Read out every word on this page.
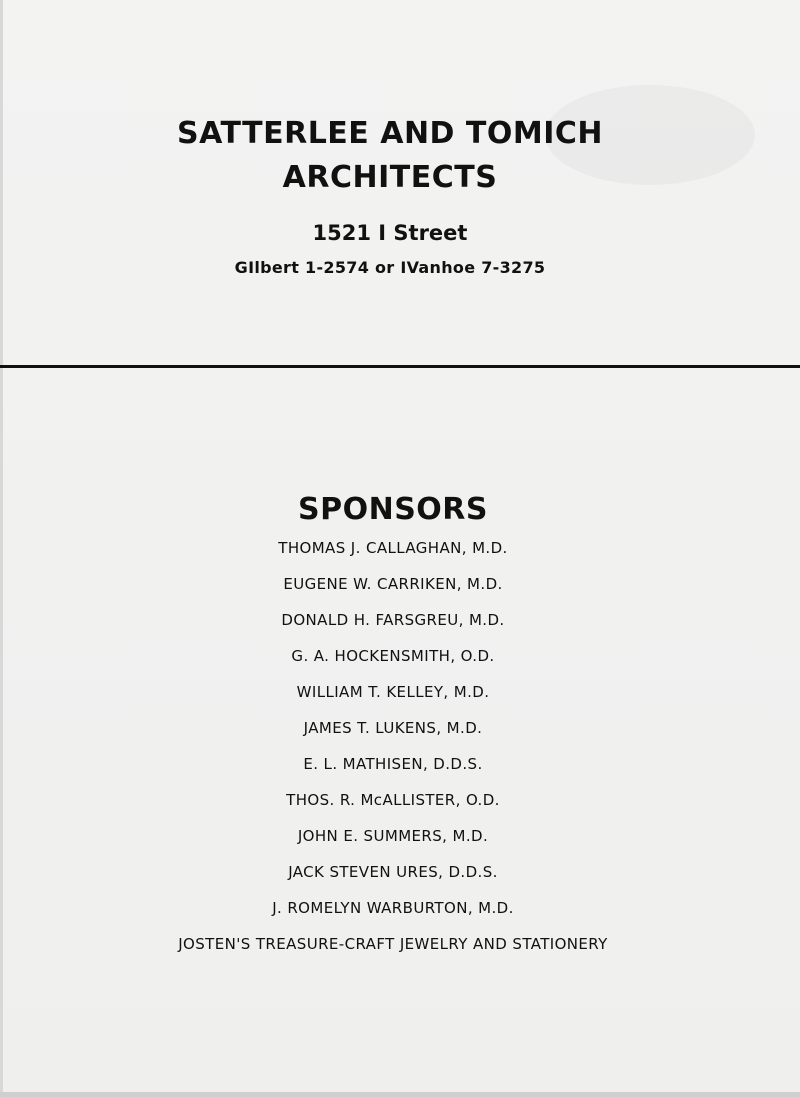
SATTERLEE AND TOMICH
ARCHITECTS
1521 I Street
GIlbert 1-2574 or IVanhoe 7-3275
SPONSORS
THOMAS J. CALLAGHAN, M.D.
EUGENE W. CARRIKEN, M.D.
DONALD H. FARSGREU, M.D.
G. A. HOCKENSMITH, O.D.
WILLIAM T. KELLEY, M.D.
JAMES T. LUKENS, M.D.
E. L. MATHISEN, D.D.S.
THOS. R. McALLISTER, O.D.
JOHN E. SUMMERS, M.D.
JACK STEVEN URES, D.D.S.
J. ROMELYN WARBURTON, M.D.
JOSTEN'S TREASURE-CRAFT JEWELRY AND STATIONERY
